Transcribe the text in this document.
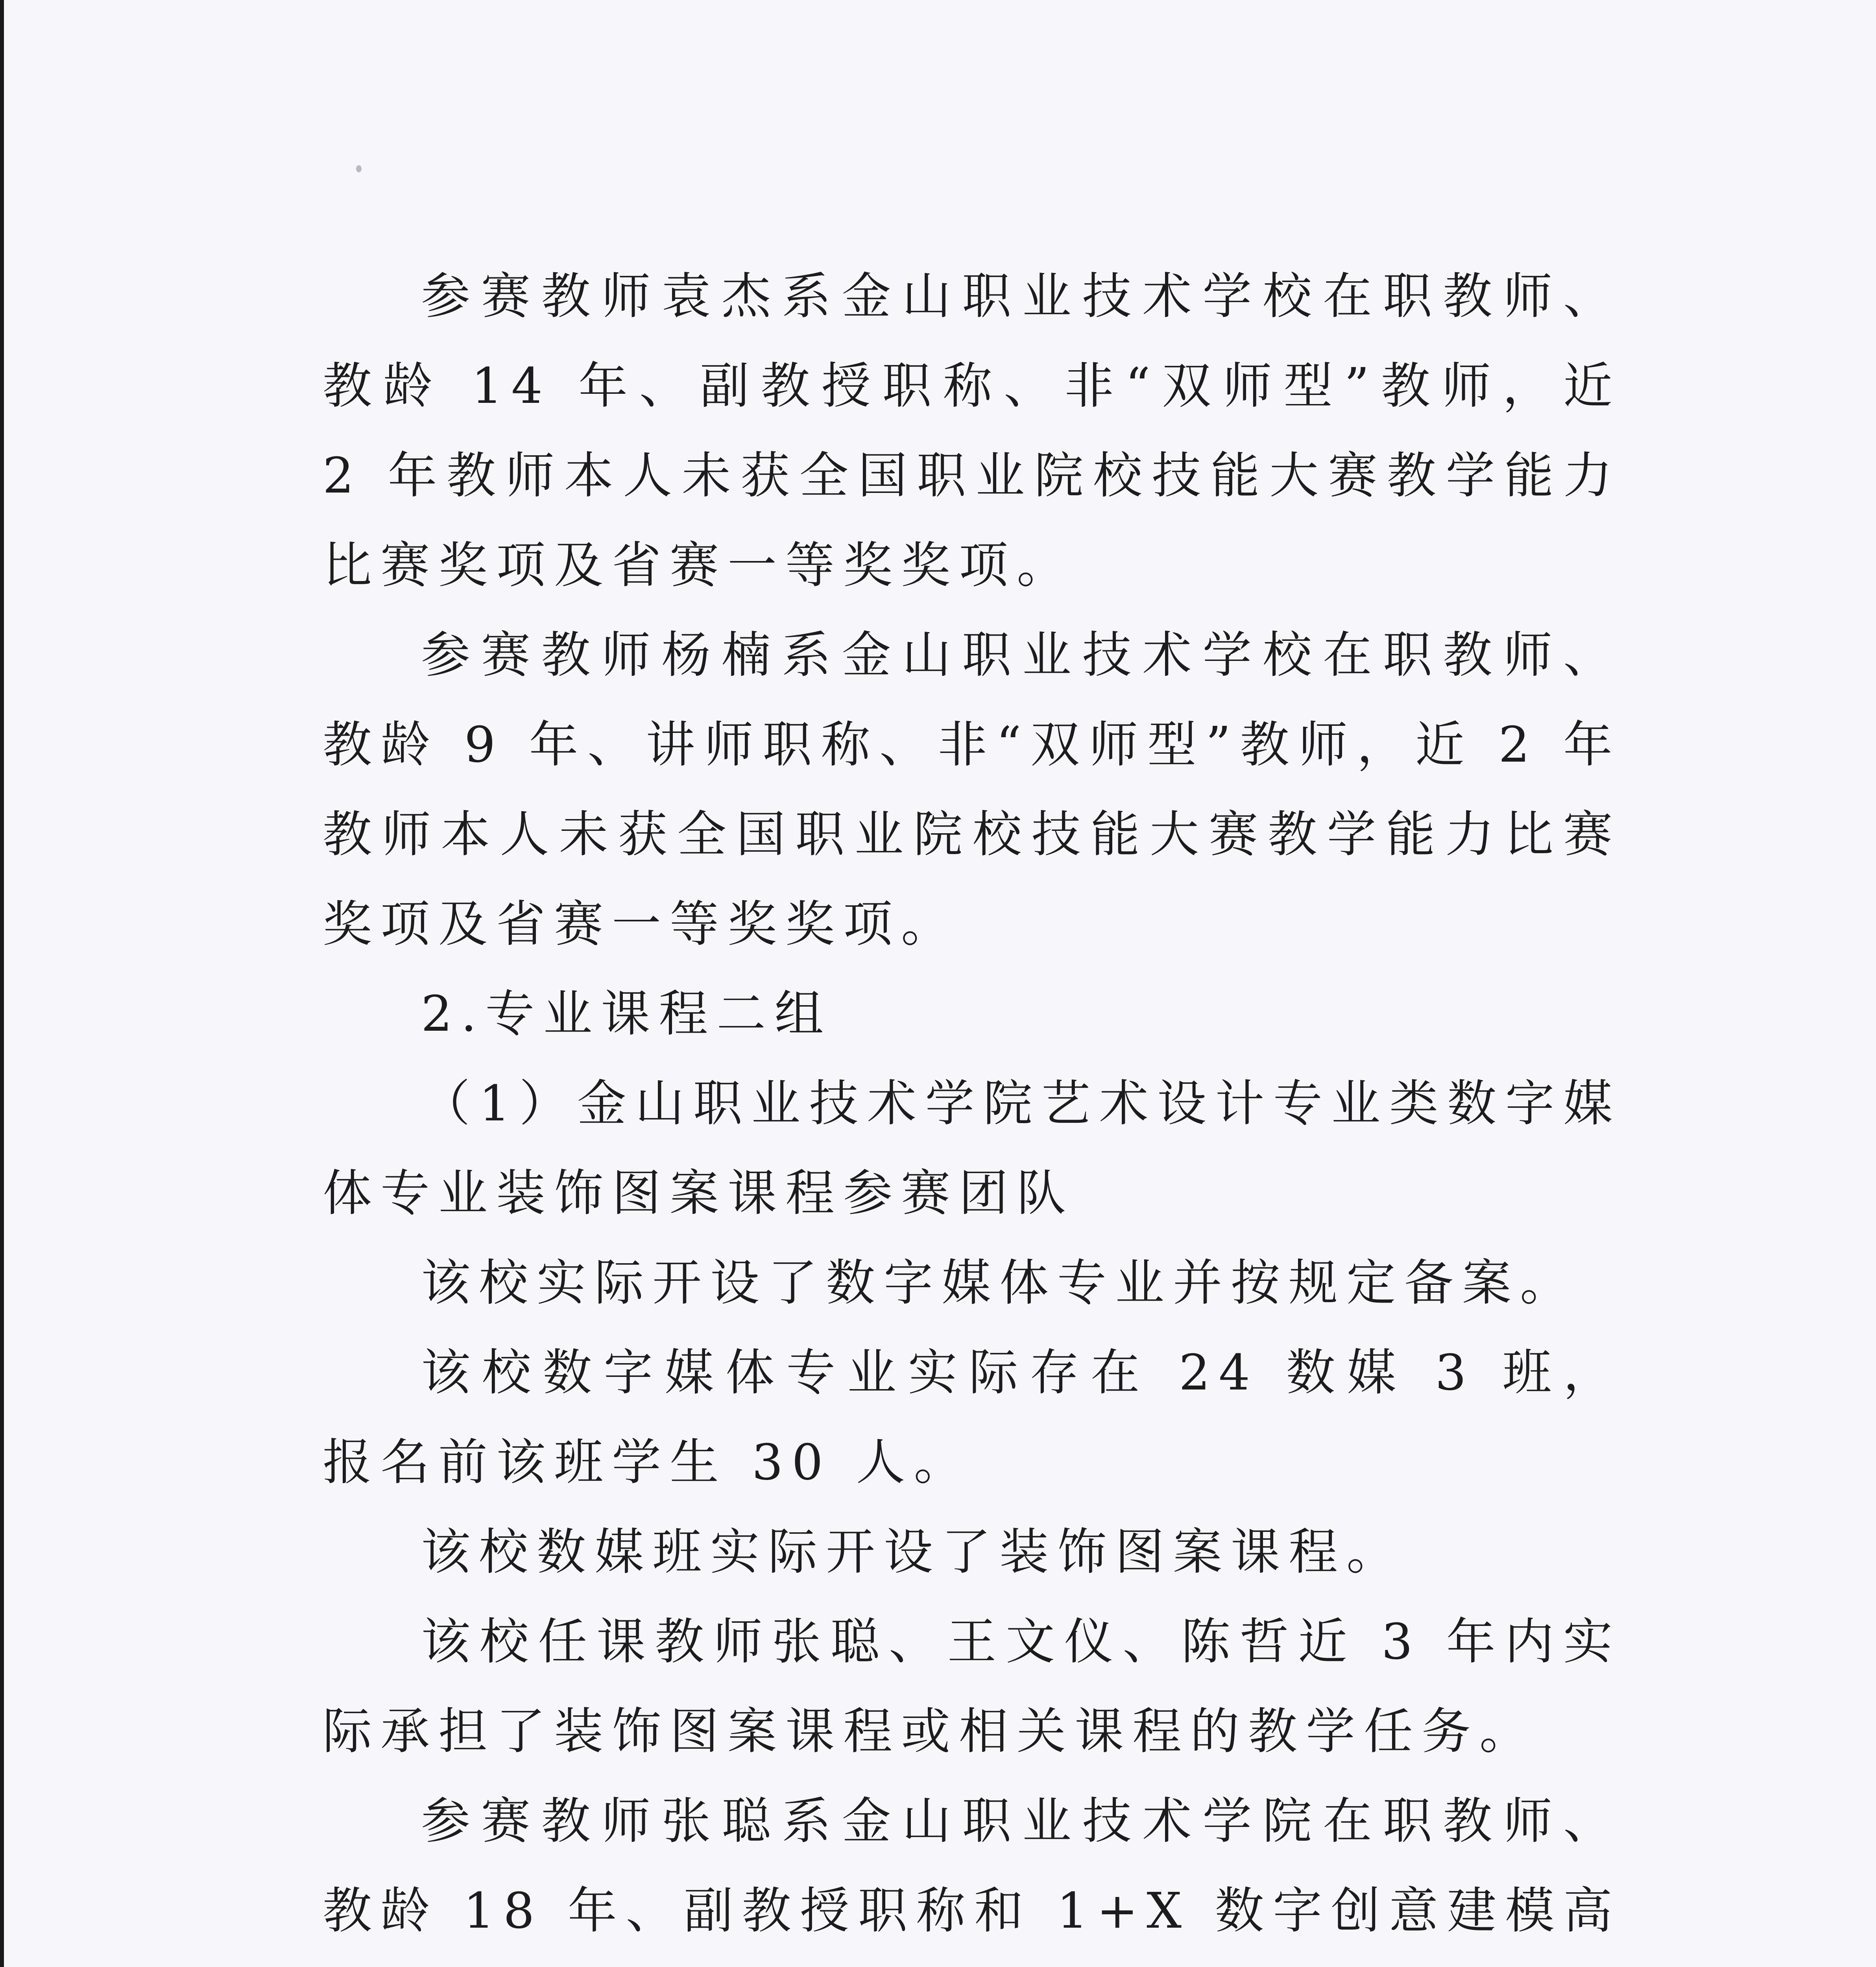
参赛教师袁杰系金山职业技术学校在职教师、教龄 14 年、副教授职称、非“双师型”教师，近 2 年教师本人未获全国职业院校技能大赛教学能力比赛奖项及省赛一等奖奖项。

参赛教师杨楠系金山职业技术学校在职教师、教龄 9 年、讲师职称、非“双师型”教师，近 2 年教师本人未获全国职业院校技能大赛教学能力比赛奖项及省赛一等奖奖项。

2.专业课程二组

（1）金山职业技术学院艺术设计专业类数字媒体专业装饰图案课程参赛团队

该校实际开设了数字媒体专业并按规定备案。

该校数字媒体专业实际存在 24 数媒 3 班，报名前该班学生 30 人。

该校数媒班实际开设了装饰图案课程。

该校任课教师张聪、王文仪、陈哲近 3 年内实际承担了装饰图案课程或相关课程的教学任务。

参赛教师张聪系金山职业技术学院在职教师、教龄 18 年、副教授职称和 1+X 数字创意建模高
